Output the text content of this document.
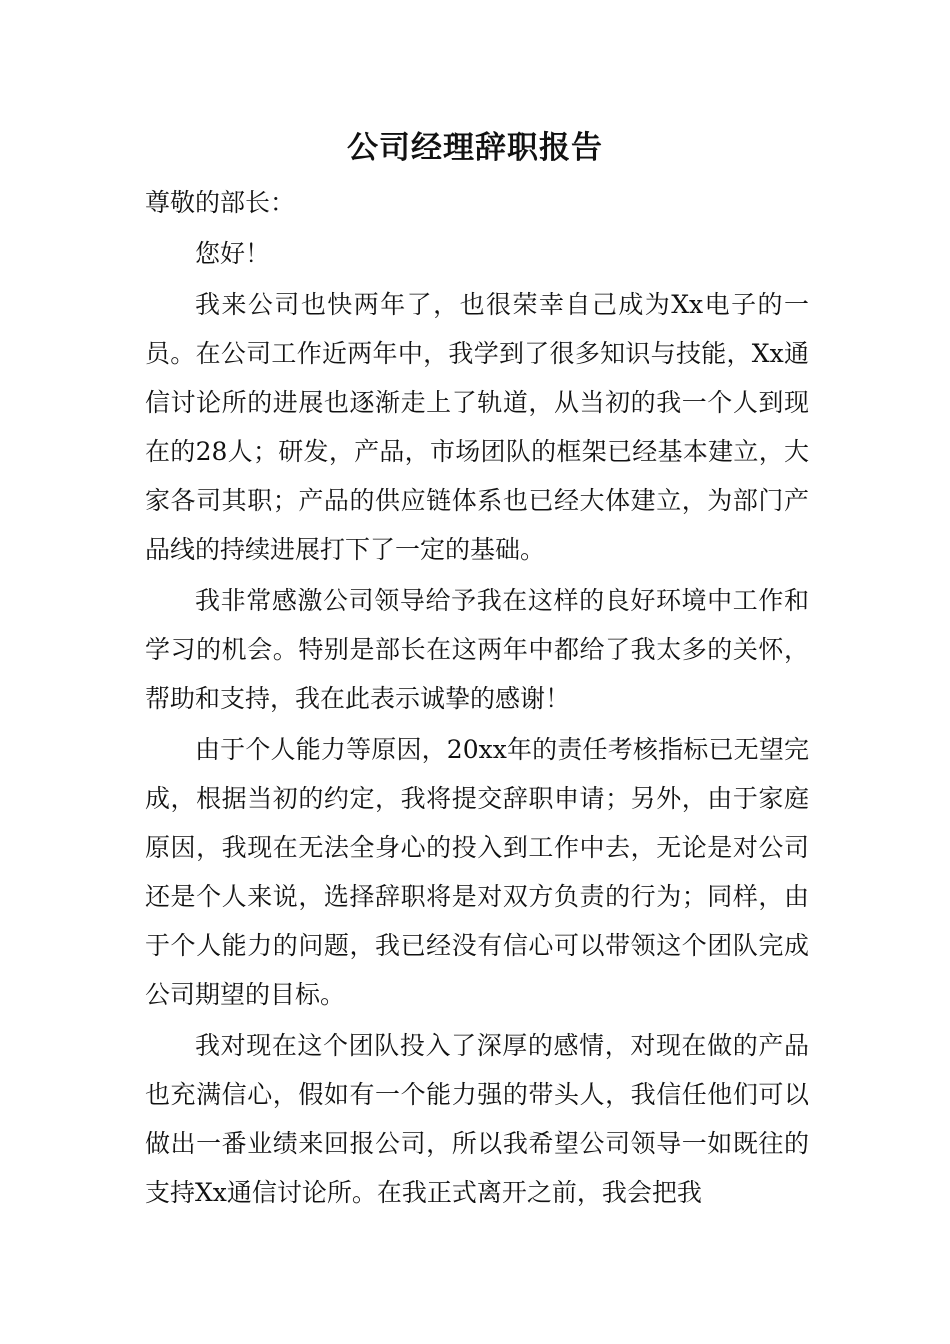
公司经理辞职报告

尊敬的部长：

您好！

我来公司也快两年了，也很荣幸自己成为Xx电子的一员。在公司工作近两年中，我学到了很多知识与技能，Xx通信讨论所的进展也逐渐走上了轨道，从当初的我一个人到现在的28人；研发，产品，市场团队的框架已经基本建立，大家各司其职；产品的供应链体系也已经大体建立，为部门产品线的持续进展打下了一定的基础。

我非常感激公司领导给予我在这样的良好环境中工作和学习的机会。特别是部长在这两年中都给了我太多的关怀，帮助和支持，我在此表示诚挚的感谢！

由于个人能力等原因，20xx年的责任考核指标已无望完成，根据当初的约定，我将提交辞职申请；另外，由于家庭原因，我现在无法全身心的投入到工作中去，无论是对公司还是个人来说，选择辞职将是对双方负责的行为；同样，由于个人能力的问题，我已经没有信心可以带领这个团队完成公司期望的目标。

我对现在这个团队投入了深厚的感情，对现在做的产品也充满信心，假如有一个能力强的带头人，我信任他们可以做出一番业绩来回报公司，所以我希望公司领导一如既往的支持Xx通信讨论所。在我正式离开之前，我会把我
